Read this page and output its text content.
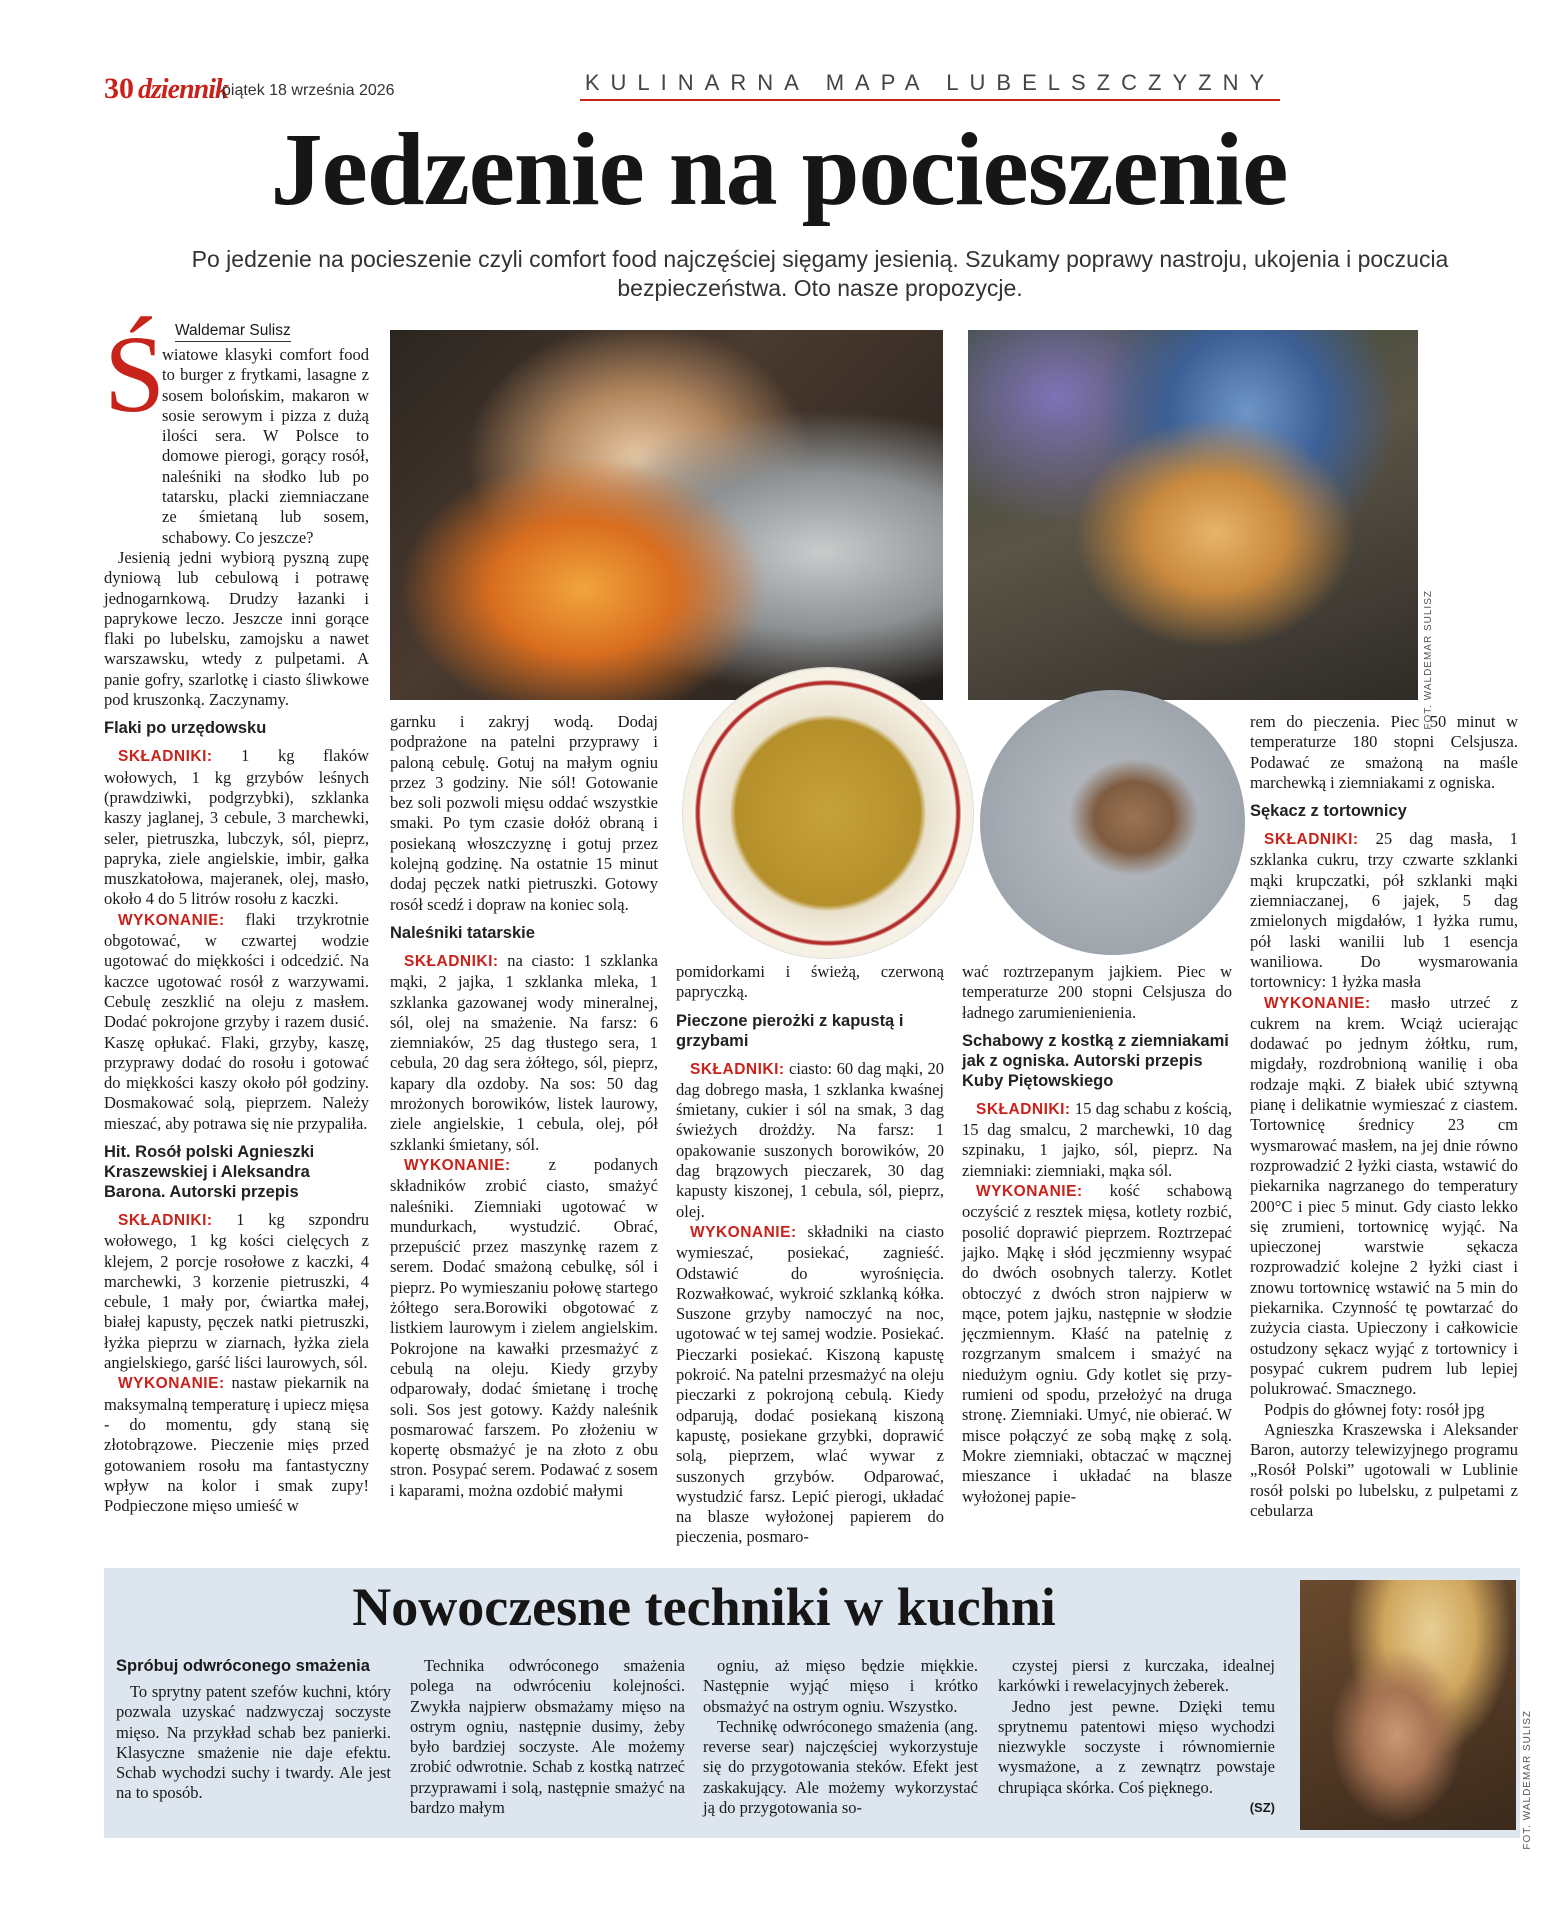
30 dziennik
piątek 18 września 2026	KULINARNA MAPA LUBELSZCZYZNY
Jedzenie na pocieszenie
Po jedzenie na pocieszenie czyli comfort food najczęściej sięgamy jesienią. Szukamy poprawy nastroju, ukojenia i poczucia bezpieczeństwa. Oto nasze propozycje.
FOT. WALDEMAR SULISZ
Ś Waldemar Sulisz

wiatowe klasyki comfort food to burger z frytkami, lasagne z sosem bolońskim, makaron w sosie serowym i pizza z dużą ilości sera. W Polsce to domowe pierogi, gorący rosół, naleśniki na słodko lub po tatarsku, placki ziemniaczane ze śmietaną lub sosem, schabowy. Co jeszcze?

Jesienią jedni wybiorą pyszną zupę dyniową lub cebulową i potrawę jednogarnkową. Drudzy łazanki i paprykowe leczo. Jeszcze inni gorące flaki po lubelsku, zamojsku a nawet warszawsku, wtedy z pulpetami. A panie gofry, szarlotkę i ciasto śliwkowe pod kruszonką. Zaczynamy.

Flaki po urzędowsku

SKŁADNIKI: 1 kg flaków wołowych, 1 kg grzybów leśnych (prawdziwki, podgrzybki), szklanka kaszy jaglanej, 3 cebule, 3 marchewki, seler, pietruszka, lubczyk, sól, pieprz, papryka, ziele angielskie, imbir, gałka muszkatołowa, majeranek, olej, masło, około 4 do 5 litrów rosołu z kaczki.

WYKONANIE: flaki trzykrotnie obgotować, w czwartej wodzie ugotować do miękkości i odcedzić. Na kaczce ugotować rosół z warzywami. Cebulę zeszklić na oleju z masłem. Dodać pokrojone grzyby i razem dusić. Kaszę opłukać. Flaki, grzyby, kaszę, przyprawy dodać do rosołu i gotować do miękkości kaszy około pół godziny. Dosmakować solą, pieprzem. Należy mieszać, aby potrawa się nie przypaliła.

Hit. Rosół polski Agnieszki Kraszewskiej i Aleksandra Barona. Autorski przepis

SKŁADNIKI: 1 kg szpondru wołowego, 1 kg kości cielęcych z klejem, 2 porcje rosołowe z kaczki, 4 marchewki, 3 korzenie pietruszki, 4 cebule, 1 mały por, ćwiartka małej, białej kapusty, pęczek natki pietruszki, łyżka pieprzu w ziarnach, łyżka ziela angielskiego, garść liści laurowych, sól.

WYKONANIE: nastaw piekarnik na maksymalną temperaturę i upiecz mięsa - do momentu, gdy staną się złotobrązowe. Pieczenie mięs przed gotowaniem rosołu ma fantastyczny wpływ na kolor i smak zupy! Podpieczone mięso umieść w

garnku i zakryj wodą. Dodaj podprażone na patelni przyprawy i paloną cebulę. Gotuj na małym ogniu przez 3 godziny. Nie sól! Gotowanie bez soli pozwoli mięsu oddać wszystkie smaki. Po tym czasie dołóż obraną i posiekaną włoszczyznę i gotuj przez kolejną godzinę. Na ostatnie 15 minut dodaj pęczek natki pietruszki. Gotowy rosół scedź i dopraw na koniec solą.

Naleśniki tatarskie

SKŁADNIKI: na ciasto: 1 szklanka mąki, 2 jajka, 1 szklanka mleka, 1 szklanka gazowanej wody mineralnej, sól, olej na smażenie. Na farsz: 6 ziemniaków, 25 dag tłustego sera, 1 cebula, 20 dag sera żółtego, sól, pieprz, kapary dla ozdoby. Na sos: 50 dag mrożonych borowików, listek laurowy, ziele angielskie, 1 cebula, olej, pół szklanki śmietany, sól.

WYKONANIE: z podanych składników zrobić ciasto, smażyć naleśniki. Ziemniaki ugotować w mundurkach, wystudzić. Obrać, przepuścić przez maszynkę razem z serem. Dodać smażoną cebulkę, sól i pieprz. Po wymieszaniu połowę startego żółtego sera.Borowiki obgotować z listkiem laurowym i zielem angielskim. Pokrojone na kawałki przesmażyć z cebulą na oleju. Kiedy grzyby odparowały, dodać śmietanę i trochę soli. Sos jest gotowy. Każdy naleśnik posmarować farszem. Po złożeniu w kopertę obsmażyć je na złoto z obu stron. Posypać serem. Podawać z sosem i kaparami, można ozdobić małymi

pomidorkami i świeżą, czerwoną papryczką.

Pieczone pierożki z kapustą i grzybami

SKŁADNIKI: ciasto: 60 dag mąki, 20 dag dobrego masła, 1 szklanka kwaśnej śmietany, cukier i sól na smak, 3 dag świeżych drożdży. Na farsz: 1 opakowanie suszonych borowików, 20 dag brązowych pieczarek, 30 dag kapusty kiszonej, 1 cebula, sól, pieprz, olej.

WYKONANIE: składniki na ciasto wymieszać, posiekać, zagnieść. Odstawić do wyrośnięcia. Rozwałkować, wykroić szklanką kółka. Suszone grzyby namoczyć na noc, ugotować w tej samej wodzie. Posiekać. Pieczarki posiekać. Kiszoną kapustę pokroić. Na patelni przesmażyć na oleju pieczarki z pokrojoną cebulą. Kiedy odparują, dodać posiekaną kiszoną kapustę, posiekane grzybki, doprawić solą, pieprzem, wlać wywar z suszonych grzybów. Odparować, wystudzić farsz. Lepić pierogi, układać na blasze wyłożonej papierem do pieczenia, posmaro-

wać roztrzepanym jajkiem. Piec w temperaturze 200 stopni Celsjusza do ładnego zarumienienienia.

Schabowy z kostką z ziemniakami jak z ogniska. Autorski przepis Kuby Piętowskiego

SKŁADNIKI: 15 dag schabu z kością, 15 dag smalcu, 2 marchewki, 10 dag szpinaku, 1 jajko, sól, pieprz. Na ziemniaki: ziemniaki, mąka sól.

WYKONANIE: kość schabową oczyścić z resztek mięsa, kotlety rozbić, posolić doprawić pieprzem. Roztrzepać jajko. Mąkę i słód jęczmienny wsypać do dwóch osobnych talerzy. Kotlet obtoczyć z dwóch stron najpierw w mące, potem jajku, następnie w słodzie jęczmiennym. Kłaść na patelnię z rozgrzanym smalcem i smażyć na niedużym ogniu. Gdy kotlet się przy- rumieni od spodu, przełożyć na druga stronę. Ziemniaki. Umyć, nie obierać. W misce połączyć ze sobą mąkę z solą. Mokre ziemniaki, obtaczać w mącznej mieszance i układać na blasze wyłożonej papie-

rem do pieczenia. Piec 50 minut w temperaturze 180 stopni Celsjusza. Podawać ze smażoną na maśle marchewką i ziemniakami z ogniska.

Sękacz z tortownicy

SKŁADNIKI: 25 dag masła, 1 szklanka cukru, trzy czwarte szklanki mąki krupczatki, pół szklanki mąki ziemniaczanej, 6 jajek, 5 dag zmielonych migdałów, 1 łyżka rumu, pół laski wanilii lub 1 esencja waniliowa. Do wysmarowania tortownicy: 1 łyżka masła

WYKONANIE: masło utrzeć z cukrem na krem. Wciąż ucierając dodawać po jednym żółtku, rum, migdały, rozdrobnioną wanilię i oba rodzaje mąki. Z białek ubić sztywną pianę i delikatnie wymieszać z ciastem. Tortownicę średnicy 23 cm wysmarować masłem, na jej dnie równo rozprowadzić 2 łyżki ciasta, wstawić do piekarnika nagrzanego do temperatury 200°C i piec 5 minut. Gdy ciasto lekko się zrumieni, tortownicę wyjąć. Na upieczonej warstwie sękacza rozprowadzić kolejne 2 łyżki ciast i znowu tortownicę wstawić na 5 min do piekarnika. Czynność tę powtarzać do zużycia ciasta. Upieczony i całkowicie ostudzony sękacz wyjąć z tortownicy i posypać cukrem pudrem lub lepiej polukrować. Smacznego.

Podpis do głównej foty: rosół jpg

Agnieszka Kraszewska i Aleksander Baron, autorzy telewizyjnego programu „Rosół Polski” ugotowali w Lublinie rosół polski po lubelsku, z pulpetami z cebularza

Nowoczesne techniki w kuchni
FOT. WALDEMAR SULISZ
Spróbuj odwróconego smażenia

To sprytny patent szefów kuchni, który pozwala uzyskać nadzwyczaj soczyste mięso. Na przykład schab bez panierki. Klasyczne smażenie nie daje efektu. Schab wychodzi suchy i twardy. Ale jest na to sposób.

Technika odwróconego smażenia polega na odwróceniu kolejności. Zwykła najpierw obsmażamy mięso na ostrym ogniu, następnie dusimy, żeby było bardziej soczyste. Ale możemy zrobić odwrotnie. Schab z kostką natrzeć przyprawami i solą, następnie smażyć na bardzo małym

ogniu, aż mięso będzie miękkie. Następnie wyjąć mięso i krótko obsmażyć na ostrym ogniu. Wszystko.

Technikę odwróconego smażenia (ang. reverse sear) najczęściej wykorzystuje się do przygotowania steków. Efekt jest zaskakujący. Ale możemy wykorzystać ją do przygotowania so-

czystej piersi z kurczaka, idealnej karkówki i rewelacyjnych żeberek.

Jedno jest pewne. Dzięki temu sprytnemu patentowi mięso wychodzi niezwykle soczyste i równomiernie wysmażone, a z zewnątrz powstaje chrupiąca skórka. Coś pięknego.

(SZ)
